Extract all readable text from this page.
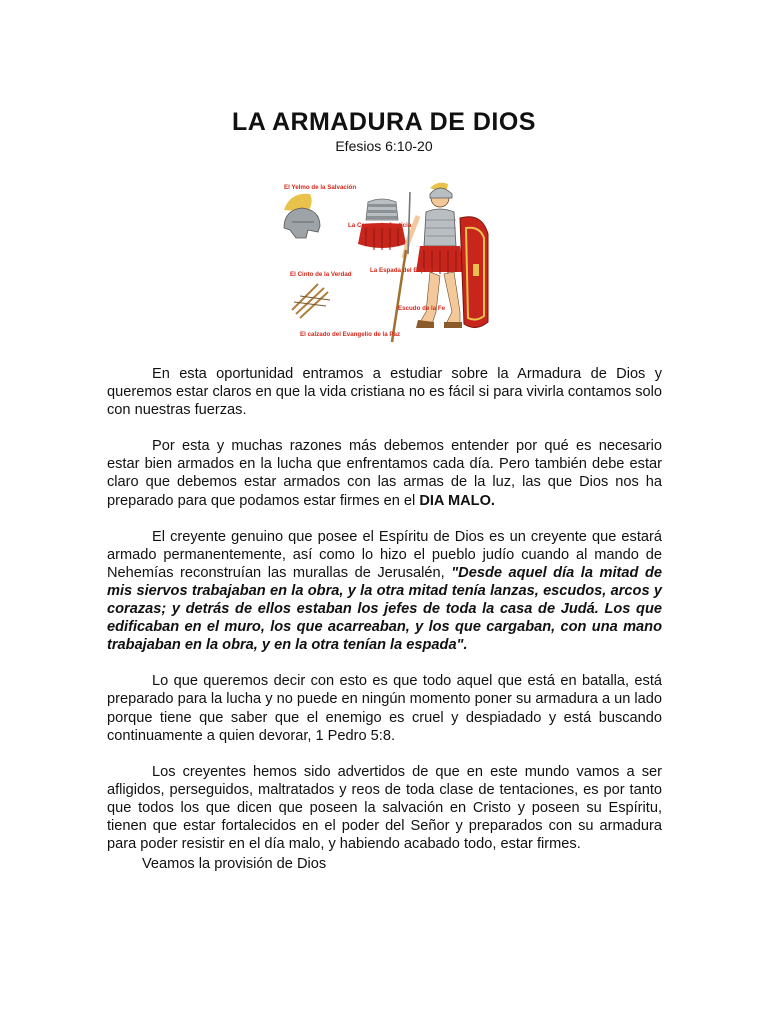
LA ARMADURA DE DIOS
Efesios 6:10-20
El Yelmo de la Salvación
La Coraza de Justicia
El Cinto de la Verdad
La Espada del Espíritu
Escudo de la Fe
El calzado del Evangelio de la Paz

En esta oportunidad entramos a estudiar sobre la Armadura de Dios y queremos estar claros en que la vida cristiana no es fácil si para vivirla contamos solo con nuestras fuerzas.

Por esta y muchas razones más debemos entender por qué es necesario estar bien armados en la lucha que enfrentamos cada día. Pero también debe estar claro que debemos estar armados con las armas de la luz, las que Dios nos ha preparado para que podamos estar firmes en el DIA MALO.

El creyente genuino que posee el Espíritu de Dios es un creyente que estará armado permanentemente, así como lo hizo el pueblo judío cuando al mando de Nehemías reconstruían las murallas de Jerusalén, "Desde aquel día la mitad de mis siervos trabajaban en la obra, y la otra mitad tenía lanzas, escudos, arcos y corazas; y detrás de ellos estaban los jefes de toda la casa de Judá. Los que edificaban en el muro, los que acarreaban, y los que cargaban, con una mano trabajaban en la obra, y en la otra tenían la espada".

Lo que queremos decir con esto es que todo aquel que está en batalla, está preparado para la lucha y no puede en ningún momento poner su armadura a un lado porque tiene que saber que el enemigo es cruel y despiadado y está buscando continuamente a quien devorar, 1 Pedro 5:8.

Los creyentes hemos sido advertidos de que en este mundo vamos a ser afligidos, perseguidos, maltratados y reos de toda clase de tentaciones, es por tanto que todos los que dicen que poseen la salvación en Cristo y poseen su Espíritu, tienen que estar fortalecidos en el poder del Señor y preparados con su armadura para poder resistir en el día malo, y habiendo acabado todo, estar firmes.

Veamos la provisión de Dios
